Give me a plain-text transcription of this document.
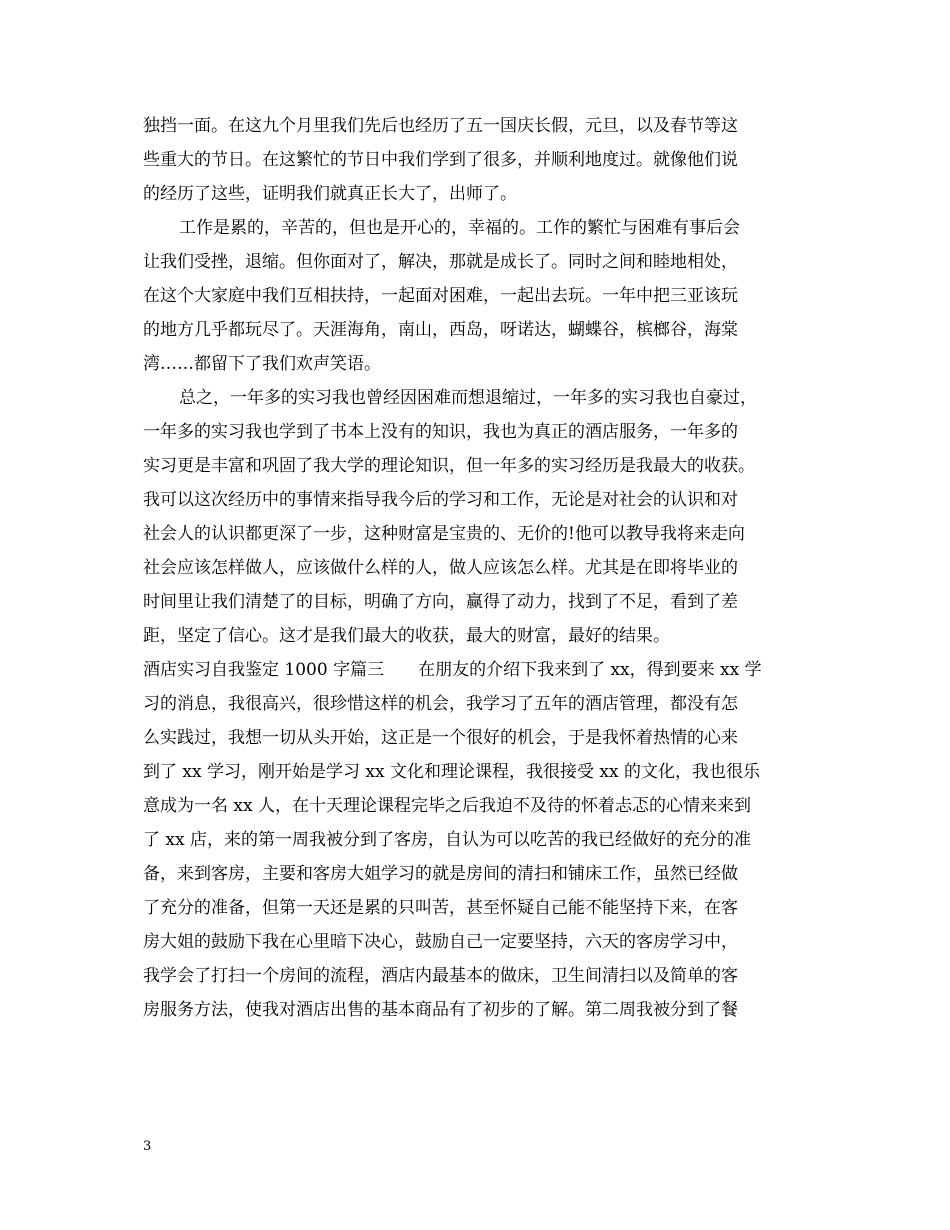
独挡一面。在这九个月里我们先后也经历了五一国庆长假，元旦，以及春节等这
些重大的节日。在这繁忙的节日中我们学到了很多，并顺利地度过。就像他们说
的经历了这些，证明我们就真正长大了，出师了。
工作是累的，辛苦的，但也是开心的，幸福的。工作的繁忙与困难有事后会
让我们受挫，退缩。但你面对了，解决，那就是成长了。同时之间和睦地相处，
在这个大家庭中我们互相扶持，一起面对困难，一起出去玩。一年中把三亚该玩
的地方几乎都玩尽了。天涯海角，南山，西岛，呀诺达，蝴蝶谷，槟榔谷，海棠
湾……都留下了我们欢声笑语。
总之，一年多的实习我也曾经因困难而想退缩过，一年多的实习我也自豪过，
一年多的实习我也学到了书本上没有的知识，我也为真正的酒店服务，一年多的
实习更是丰富和巩固了我大学的理论知识，但一年多的实习经历是我最大的收获。
我可以这次经历中的事情来指导我今后的学习和工作，无论是对社会的认识和对
社会人的认识都更深了一步，这种财富是宝贵的、无价的!他可以教导我将来走向
社会应该怎样做人，应该做什么样的人，做人应该怎么样。尤其是在即将毕业的
时间里让我们清楚了的目标，明确了方向，赢得了动力，找到了不足，看到了差
距，坚定了信心。这才是我们最大的收获，最大的财富，最好的结果。
酒店实习自我鉴定 1000 字篇三　　在朋友的介绍下我来到了 xx，得到要来 xx 学
习的消息，我很高兴，很珍惜这样的机会，我学习了五年的酒店管理，都没有怎
么实践过，我想一切从头开始，这正是一个很好的机会，于是我怀着热情的心来
到了 xx 学习，刚开始是学习 xx 文化和理论课程，我很接受 xx 的文化，我也很乐
意成为一名 xx 人，在十天理论课程完毕之后我迫不及待的怀着忐忑的心情来来到
了 xx 店，来的第一周我被分到了客房，自认为可以吃苦的我已经做好的充分的准
备，来到客房，主要和客房大姐学习的就是房间的清扫和铺床工作，虽然已经做
了充分的准备，但第一天还是累的只叫苦，甚至怀疑自己能不能坚持下来，在客
房大姐的鼓励下我在心里暗下决心，鼓励自己一定要坚持，六天的客房学习中，
我学会了打扫一个房间的流程，酒店内最基本的做床，卫生间清扫以及简单的客
房服务方法，使我对酒店出售的基本商品有了初步的了解。第二周我被分到了餐
3
